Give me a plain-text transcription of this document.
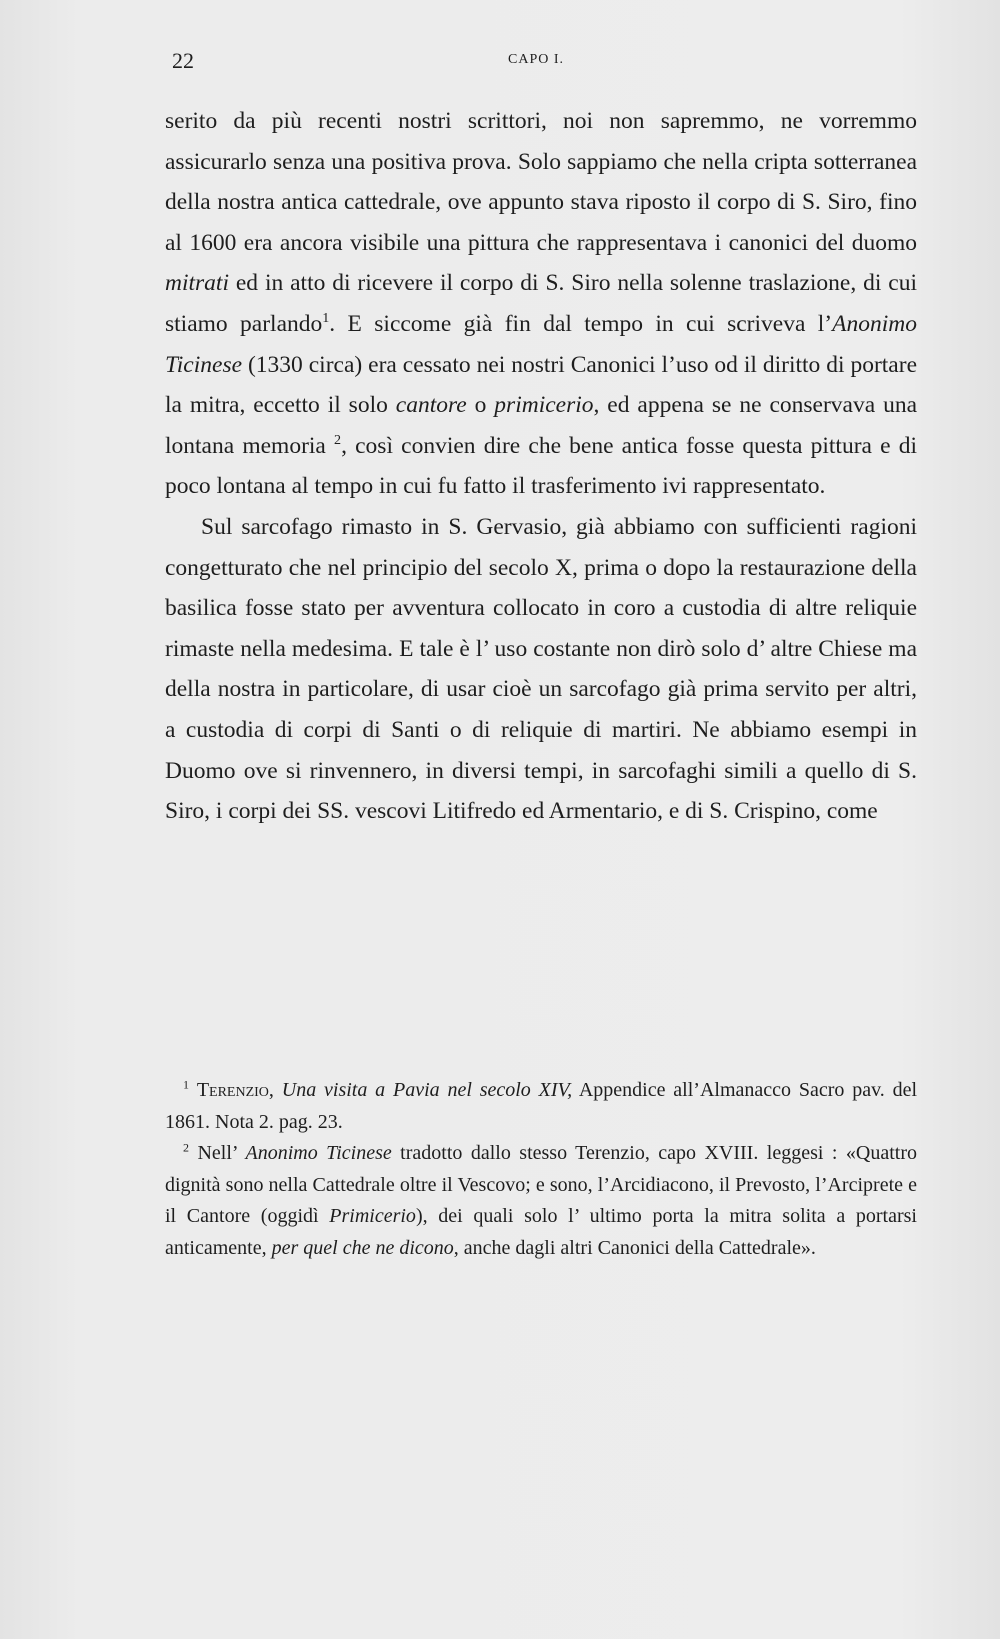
22	CAPO I.

serito da più recenti nostri scrittori, noi non sapremmo, ne vorremmo assicurarlo senza una positiva prova. Solo sappiamo che nella cripta sotterranea della nostra antica cattedrale, ove appunto stava riposto il corpo di S. Siro, fino al 1600 era ancora visibile una pittura che rappresentava i canonici del duomo mitrati ed in atto di ricevere il corpo di S. Siro nella solenne traslazione, di cui stiamo parlando$^1$. E siccome già fin dal tempo in cui scriveva l’Anonimo Ticinese (1330 circa) era cessato nei nostri Canonici l’uso od il diritto di portare la mitra, eccetto il solo cantore o primicerio, ed appena se ne conservava una lontana memoria $^2$, così convien dire che bene antica fosse questa pittura e di poco lontana al tempo in cui fu fatto il trasferimento ivi rappresentato.

Sul sarcofago rimasto in S. Gervasio, già abbiamo con sufficienti ragioni congetturato che nel principio del secolo X, prima o dopo la restaurazione della basilica fosse stato per avventura collocato in coro a custodia di altre reliquie rimaste nella medesima. E tale è l’ uso costante non dirò solo d’ altre Chiese ma della nostra in particolare, di usar cioè un sarcofago già prima servito per altri, a custodia di corpi di Santi o di reliquie di martiri. Ne abbiamo esempi in Duomo ove si rinvennero, in diversi tempi, in sarcofaghi simili a quello di S. Siro, i corpi dei SS. vescovi Litifredo ed Armentario, e di S. Crispino, come

$^1$ Terenzio, Una visita a Pavia nel secolo XIV, Appendice all’Almanacco Sacro pav. del 1861. Nota 2. pag. 23.

$^2$ Nell’ Anonimo Ticinese tradotto dallo stesso Terenzio, capo XVIII. leggesi : «Quattro dignità sono nella Cattedrale oltre il Vescovo; e sono, l’Arcidiacono, il Prevosto, l’Arciprete e il Cantore (oggidì Primicerio), dei quali solo l’ ultimo porta la mitra solita a portarsi anticamente, per quel che ne dicono, anche dagli altri Canonici della Cattedrale».
